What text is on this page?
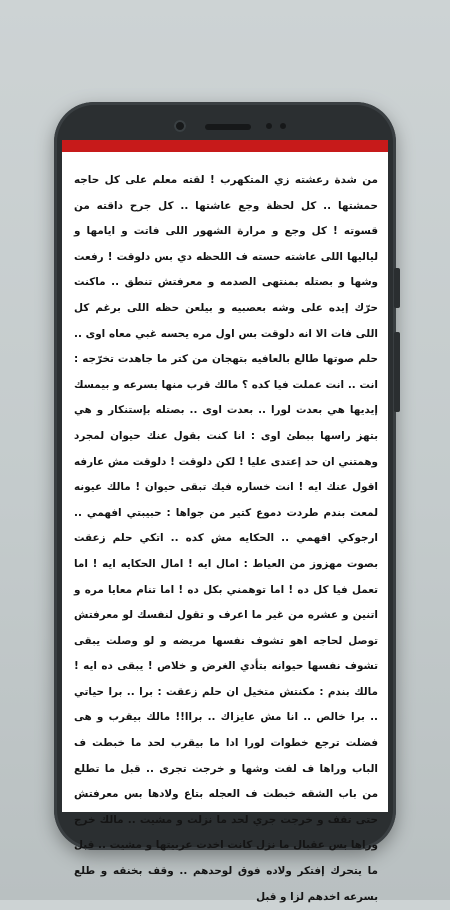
من شدة رعشته زي المتكهرب ! لقته معلم على كل حاجه حمشتها .. كل لحظة وجع عاشتها .. كل جرح داقته من قسوته ! كل وجع و مرارة الشهور اللى فاتت و ايامها و لياليها اللى عاشته حسته ف اللحظه دي بس دلوقت ! رفعت وشها و بصتله بمنتهى الصدمه و معرفتش تنطق .. ماكنت حرّك إيده على وشه بعصبيه و بيلعن حظه اللى برغم كل اللى فات الا انه دلوقت بس اول مره يحسه غبي معاه اوى .. حلم صوتها طالع بالعافيه بتهجان من كتر ما جاهدت تخرّجه : انت .. انت عملت فيا كده ؟ مالك قرب منها بسرعه و بيمسك إيديها هي بعدت لورا .. بعدت اوى .. بصتله بإستنكار و هي بتهز راسها ببطئ اوى : انا كنت بقول عنك حيوان لمجرد وهمتني ان حد إعتدى عليا ! لكن دلوقت ! دلوقت مش عارفه اقول عنك ايه ! انت خساره فيك تبقى حيوان ! مالك عيونه لمعت بندم طردت دموع كتير من جواها : حبيبتي افهمي .. ارجوكي افهمي .. الحكايه مش كده .. اتكي حلم زعقت بصوت مهزوز من العياط : امال ايه ! امال الحكايه ايه ! اما تعمل فيا كل ده ! اما توهمني بكل ده ! اما تنام معايا مره و اتنين و عشره من غير ما اعرف و تقول لنفسك لو معرفتش توصل لحاجه اهو تشوف نفسها مريضه و لو وصلت يبقى تشوف نفسها حيوانه بتأدي الغرض و خلاص ! يبقى ده ايه ! مالك بندم : مكنتش متخيل ان حلم زعقت : برا .. برا حياتي .. برا خالص .. انا مش عايزاك .. براا!! مالك بيقرب و هى فضلت ترجع خطوات لورا ادا ما بيقرب لحد ما خبطت ف الباب وراها ف لفت وشها و خرجت تجرى .. قبل ما تطلع من باب الشقه خبطت ف العجله بتاع ولادها بس معرفتش حتى تقف و خرجت جري لحد ما نزلت و مشيت .. مالك خرج وراها بس عقبال ما نزل كانت اخدت عربيتها و مشيت .. قبل ما يتحرك إفتكر ولاده فوق لوحدهم .. وقف بخنقه و طلع بسرعه اخدهم لزا و قبل
